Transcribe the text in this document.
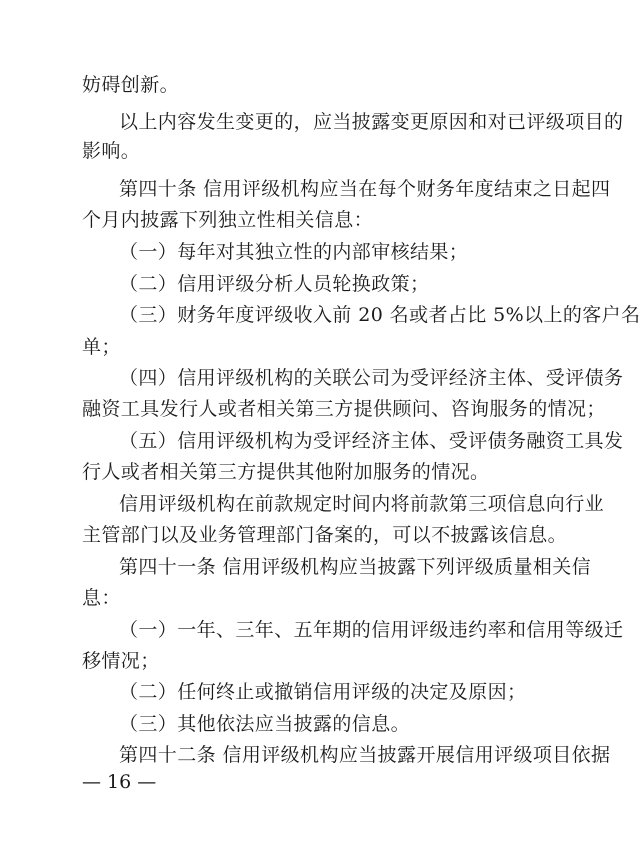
妨碍创新。
以上内容发生变更的，应当披露变更原因和对已评级项目的
影响。
第四十条 信用评级机构应当在每个财务年度结束之日起四
个月内披露下列独立性相关信息：
（一）每年对其独立性的内部审核结果；
（二）信用评级分析人员轮换政策；
（三）财务年度评级收入前 20 名或者占比 5%以上的客户名
单；
（四）信用评级机构的关联公司为受评经济主体、受评债务
融资工具发行人或者相关第三方提供顾问、咨询服务的情况；
（五）信用评级机构为受评经济主体、受评债务融资工具发
行人或者相关第三方提供其他附加服务的情况。
信用评级机构在前款规定时间内将前款第三项信息向行业
主管部门以及业务管理部门备案的，可以不披露该信息。
第四十一条 信用评级机构应当披露下列评级质量相关信
息：
（一）一年、三年、五年期的信用评级违约率和信用等级迁
移情况；
（二）任何终止或撤销信用评级的决定及原因；
（三）其他依法应当披露的信息。
第四十二条 信用评级机构应当披露开展信用评级项目依据
— 16 —
